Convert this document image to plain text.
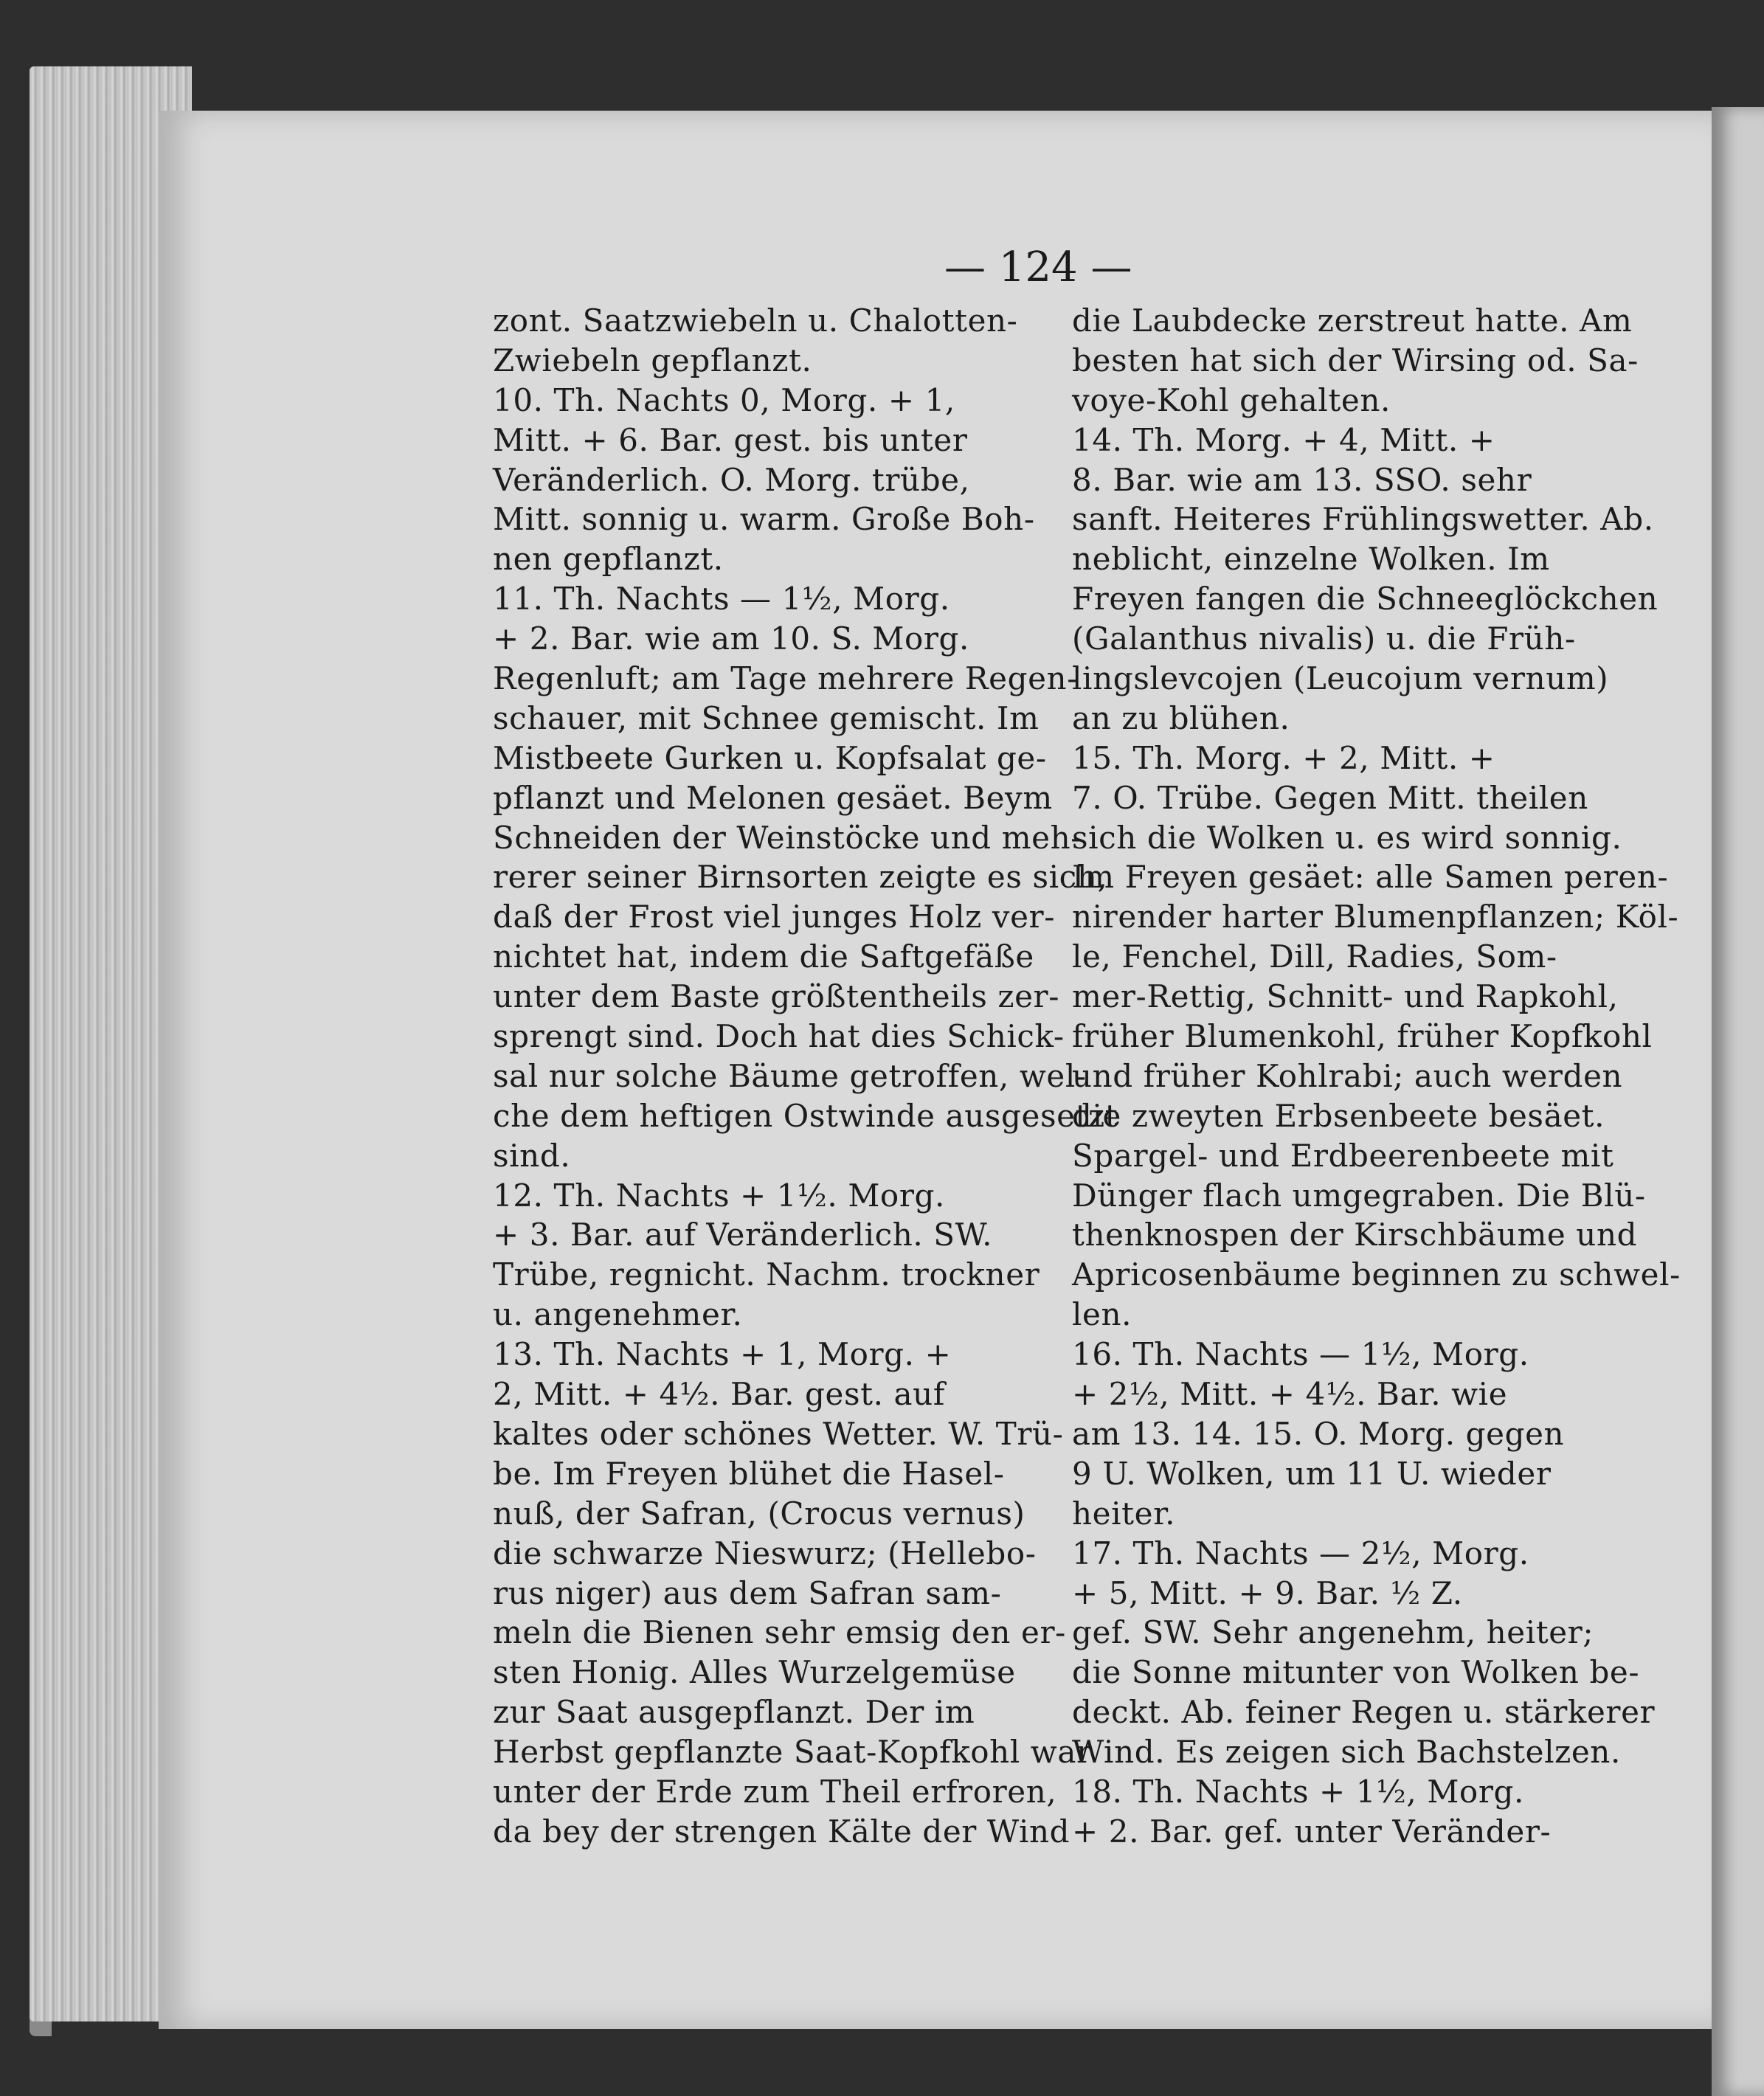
— 124 —
zont. Saatzwiebeln u. Chalotten-
Zwiebeln gepflanzt.
10. Th. Nachts 0, Morg. + 1,
Mitt. + 6. Bar. gest. bis unter
Veränderlich. O. Morg. trübe,
Mitt. sonnig u. warm. Große Boh-
nen gepflanzt.
11. Th. Nachts — 1½, Morg.
+ 2. Bar. wie am 10. S. Morg.
Regenluft; am Tage mehrere Regen-
schauer, mit Schnee gemischt. Im
Mistbeete Gurken u. Kopfsalat ge-
pflanzt und Melonen gesäet. Beym
Schneiden der Weinstöcke und meh-
rerer seiner Birnsorten zeigte es sich,
daß der Frost viel junges Holz ver-
nichtet hat, indem die Saftgefäße
unter dem Baste größtentheils zer-
sprengt sind. Doch hat dies Schick-
sal nur solche Bäume getroffen, wel-
che dem heftigen Ostwinde ausgesetzt
sind.
12. Th. Nachts + 1½. Morg.
+ 3. Bar. auf Veränderlich. SW.
Trübe, regnicht. Nachm. trockner
u. angenehmer.
13. Th. Nachts + 1, Morg. +
2, Mitt. + 4½. Bar. gest. auf
kaltes oder schönes Wetter. W. Trü-
be. Im Freyen blühet die Hasel-
nuß, der Safran, (Crocus vernus)
die schwarze Nieswurz; (Hellebo-
rus niger) aus dem Safran sam-
meln die Bienen sehr emsig den er-
sten Honig. Alles Wurzelgemüse
zur Saat ausgepflanzt. Der im
Herbst gepflanzte Saat-Kopfkohl war
unter der Erde zum Theil erfroren,
da bey der strengen Kälte der Wind
die Laubdecke zerstreut hatte. Am
besten hat sich der Wirsing od. Sa-
voye-Kohl gehalten.
14. Th. Morg. + 4, Mitt. +
8. Bar. wie am 13. SSO. sehr
sanft. Heiteres Frühlingswetter. Ab.
neblicht, einzelne Wolken. Im
Freyen fangen die Schneeglöckchen
(Galanthus nivalis) u. die Früh-
lingslevcojen (Leucojum vernum)
an zu blühen.
15. Th. Morg. + 2, Mitt. +
7. O. Trübe. Gegen Mitt. theilen
sich die Wolken u. es wird sonnig.
Im Freyen gesäet: alle Samen peren-
nirender harter Blumenpflanzen; Köl-
le, Fenchel, Dill, Radies, Som-
mer-Rettig, Schnitt- und Rapkohl,
früher Blumenkohl, früher Kopfkohl
und früher Kohlrabi; auch werden
die zweyten Erbsenbeete besäet.
Spargel- und Erdbeerenbeete mit
Dünger flach umgegraben. Die Blü-
thenknospen der Kirschbäume und
Apricosenbäume beginnen zu schwel-
len.
16. Th. Nachts — 1½, Morg.
+ 2½, Mitt. + 4½. Bar. wie
am 13. 14. 15. O. Morg. gegen
9 U. Wolken, um 11 U. wieder
heiter.
17. Th. Nachts — 2½, Morg.
+ 5, Mitt. + 9. Bar. ½ Z.
gef. SW. Sehr angenehm, heiter;
die Sonne mitunter von Wolken be-
deckt. Ab. feiner Regen u. stärkerer
Wind. Es zeigen sich Bachstelzen.
18. Th. Nachts + 1½, Morg.
+ 2. Bar. gef. unter Veränder-
